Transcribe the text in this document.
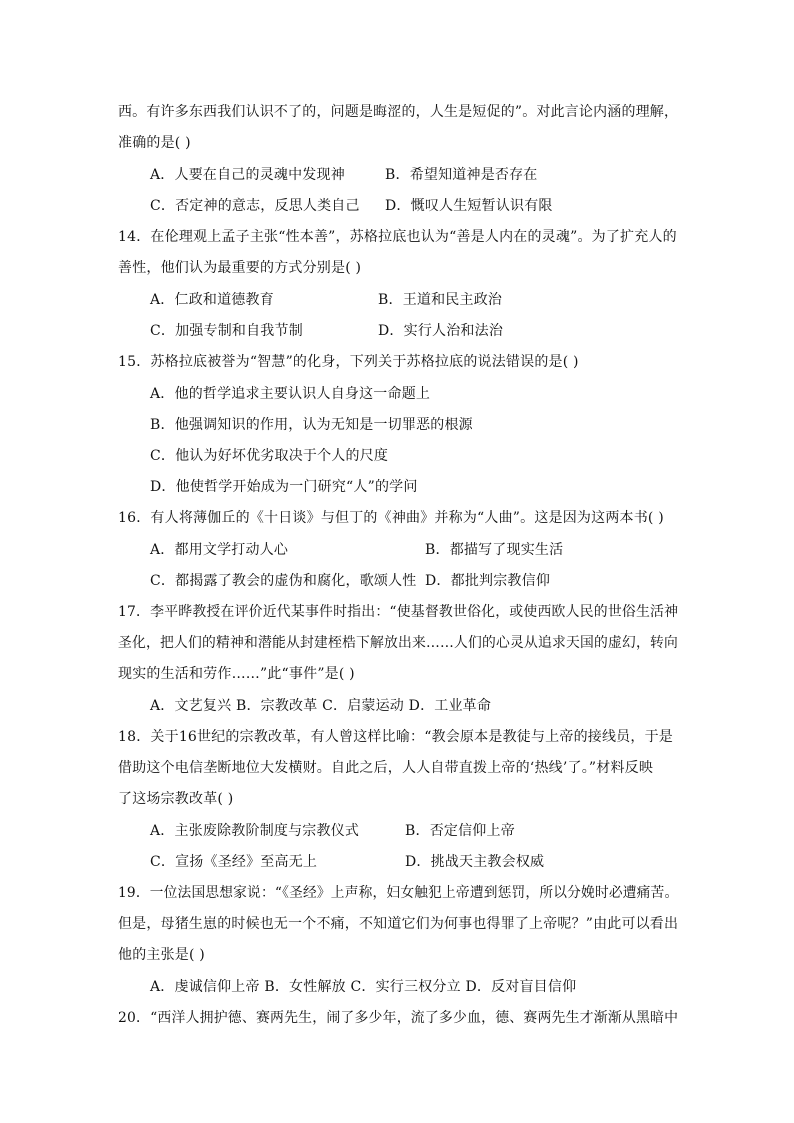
西。有许多东西我们认识不了的，问题是晦涩的，人生是短促的”。对此言论内涵的理解，
准确的是( )
A．人要在自己的灵魂中发现神	B．希望知道神是否存在
C．否定神的意志，反思人类自己 D．慨叹人生短暂认识有限
14．在伦理观上孟子主张“性本善”，苏格拉底也认为“善是人内在的灵魂”。为了扩充人的
善性，他们认为最重要的方式分别是( )
A．仁政和道德教育	B．王道和民主政治
C．加强专制和自我节制	D．实行人治和法治
15．苏格拉底被誉为“智慧”的化身，下列关于苏格拉底的说法错误的是( )
A．他的哲学追求主要认识人自身这一命题上
B．他强调知识的作用，认为无知是一切罪恶的根源
C．他认为好坏优劣取决于个人的尺度
D．他使哲学开始成为一门研究“人”的学问
16．有人将薄伽丘的《十日谈》与但丁的《神曲》并称为“人曲”。这是因为这两本书( )
A．都用文学打动人心	B．都描写了现实生活
C．都揭露了教会的虚伪和腐化，歌颂人性 D．都批判宗教信仰
17．李平晔教授在评价近代某事件时指出：“使基督教世俗化，或使西欧人民的世俗生活神
圣化，把人们的精神和潜能从封建桎梏下解放出来……人们的心灵从追求天国的虚幻，转向
现实的生活和劳作……”此“事件”是( )
A．文艺复兴 B．宗教改革 C．启蒙运动 D．工业革命
18．关于16世纪的宗教改革，有人曾这样比喻：“教会原本是教徒与上帝的接线员，于是
借助这个电信垄断地位大发横财。自此之后，人人自带直拨上帝的‘热线’了。”材料反映
了这场宗教改革( )
A．主张废除教阶制度与宗教仪式	B．否定信仰上帝
C．宣扬《圣经》至高无上	D．挑战天主教会权威
19．一位法国思想家说：“《圣经》上声称，妇女触犯上帝遭到惩罚，所以分娩时必遭痛苦。
但是，母猪生崽的时候也无一个不痛，不知道它们为何事也得罪了上帝呢？”由此可以看出
他的主张是( )
A．虔诚信仰上帝 B．女性解放 C．实行三权分立 D．反对盲目信仰
20．“西洋人拥护德、赛两先生，闹了多少年，流了多少血，德、赛两先生才渐渐从黑暗中
